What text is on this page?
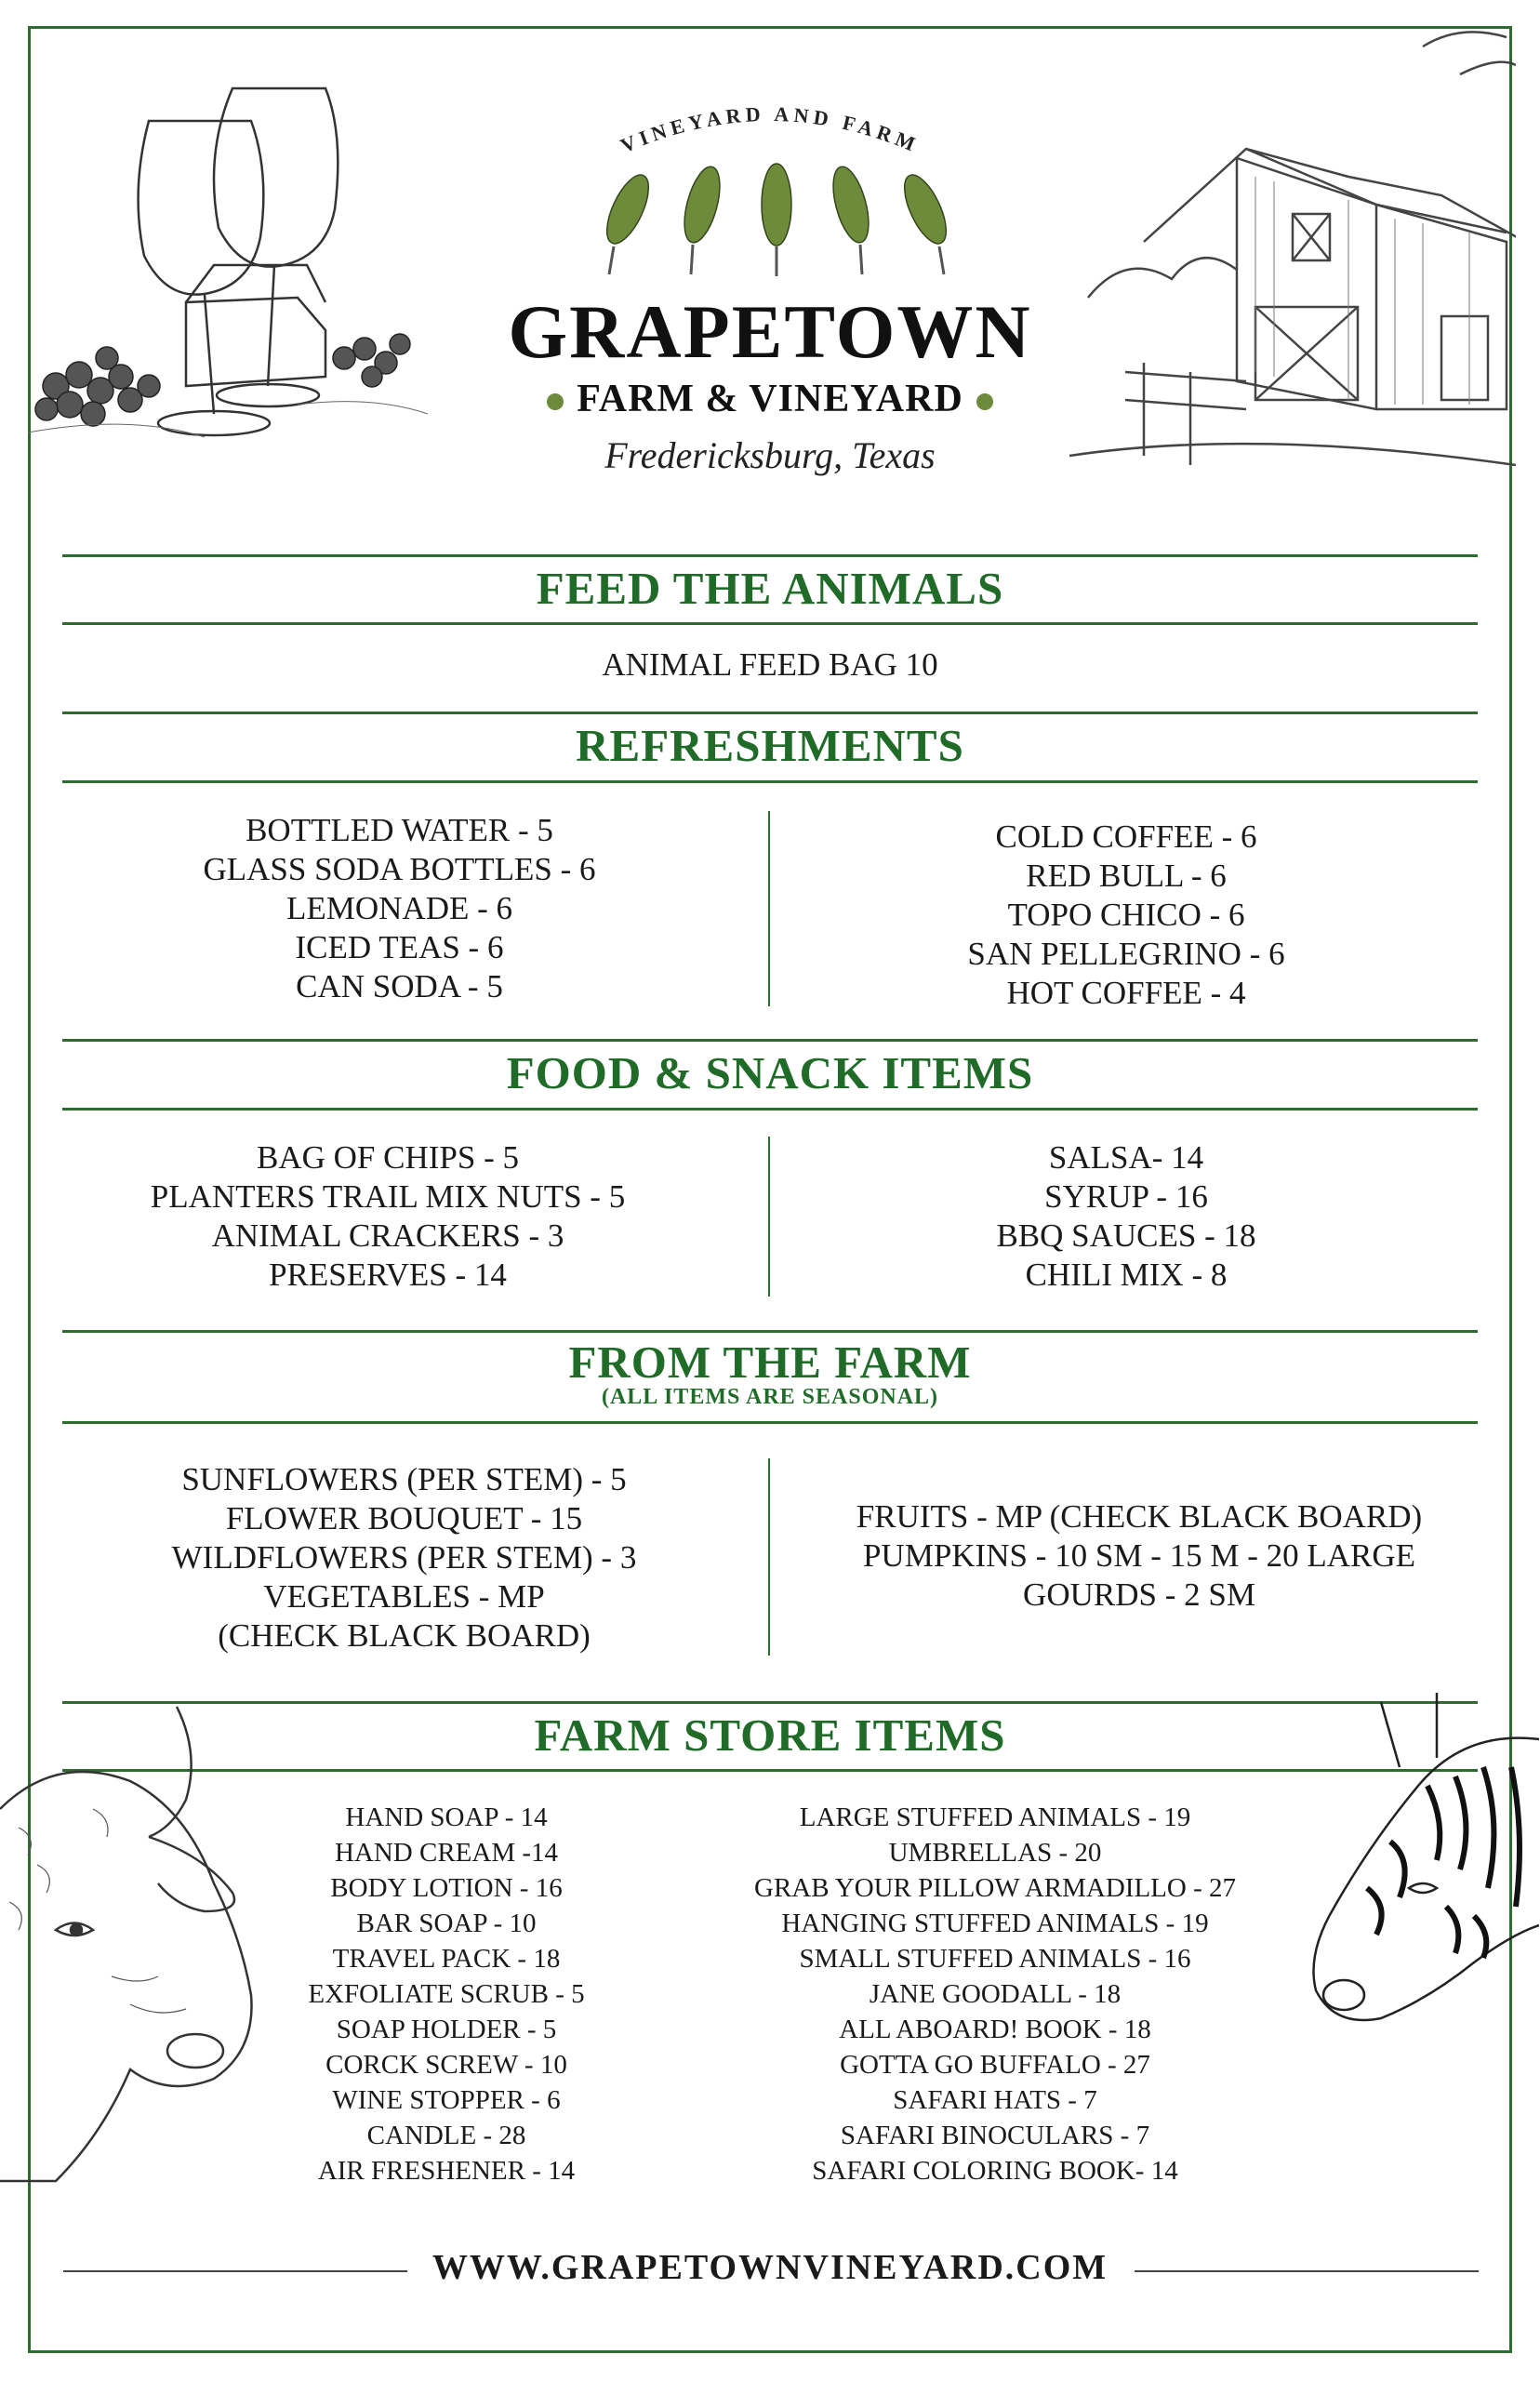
VINEYARD AND FARM
GRAPETOWN
FARM & VINEYARD
Fredericksburg, Texas
FEED THE ANIMALS
ANIMAL FEED BAG 10
REFRESHMENTS
BOTTLED WATER - 5
GLASS SODA BOTTLES - 6
LEMONADE - 6
ICED TEAS - 6
CAN SODA - 5
COLD COFFEE - 6
RED BULL - 6
TOPO CHICO - 6
SAN PELLEGRINO - 6
HOT COFFEE - 4
FOOD & SNACK ITEMS
BAG OF CHIPS - 5
PLANTERS TRAIL MIX NUTS - 5
ANIMAL CRACKERS - 3
PRESERVES - 14
SALSA- 14
SYRUP - 16
BBQ SAUCES - 18
CHILI MIX - 8
FROM THE FARM
(ALL ITEMS ARE SEASONAL)
SUNFLOWERS (PER STEM) - 5
FLOWER BOUQUET - 15
WILDFLOWERS (PER STEM) - 3
VEGETABLES - MP
(CHECK BLACK BOARD)
FRUITS - MP (CHECK BLACK BOARD)
PUMPKINS - 10 SM - 15 M - 20 LARGE
GOURDS - 2 SM
FARM STORE ITEMS
HAND SOAP - 14
HAND CREAM -14
BODY LOTION - 16
BAR SOAP - 10
TRAVEL PACK - 18
EXFOLIATE SCRUB - 5
SOAP HOLDER - 5
CORCK SCREW - 10
WINE STOPPER - 6
CANDLE - 28
AIR FRESHENER - 14
LARGE STUFFED ANIMALS - 19
UMBRELLAS - 20
GRAB YOUR PILLOW ARMADILLO - 27
HANGING STUFFED ANIMALS - 19
SMALL STUFFED ANIMALS - 16
JANE GOODALL - 18
ALL ABOARD! BOOK - 18
GOTTA GO BUFFALO - 27
SAFARI HATS - 7
SAFARI BINOCULARS - 7
SAFARI COLORING BOOK- 14
WWW.GRAPETOWNVINEYARD.COM
